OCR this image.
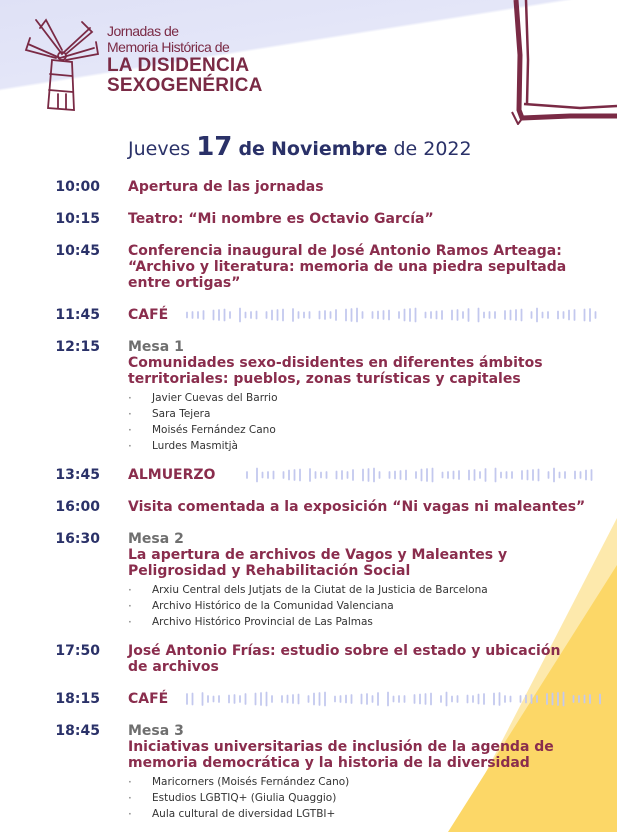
Jornadas de
Memoria Histórica de
LA DISIDENCIA
SEXOGENÉRICA
Jueves 17 de Noviembre de 2022
10:00 Apertura de las jornadas
10:15 Teatro: “Mi nombre es Octavio García”
10:45 Conferencia inaugural de José Antonio Ramos Arteaga: “Archivo y literatura: memoria de una piedra sepultada entre ortigas”
11:45 CAFÉ
12:15 Mesa 1
Comunidades sexo-disidentes en diferentes ámbitos territoriales: pueblos, zonas turísticas y capitales
· Javier Cuevas del Barrio
· Sara Tejera
· Moisés Fernández Cano
· Lurdes Masmitjà
13:45 ALMUERZO
16:00 Visita comentada a la exposición “Ni vagas ni maleantes”
16:30 Mesa 2
La apertura de archivos de Vagos y Maleantes y Peligrosidad y Rehabilitación Social
· Arxiu Central dels Jutjats de la Ciutat de la Justicia de Barcelona
· Archivo Histórico de la Comunidad Valenciana
· Archivo Histórico Provincial de Las Palmas
17:50 José Antonio Frías: estudio sobre el estado y ubicación de archivos
18:15 CAFÉ
18:45 Mesa 3
Iniciativas universitarias de inclusión de la agenda de memoria democrática y la historia de la diversidad
· Maricorners (Moisés Fernández Cano)
· Estudios LGBTIQ+ (Giulia Quaggio)
· Aula cultural de diversidad LGTBI+
